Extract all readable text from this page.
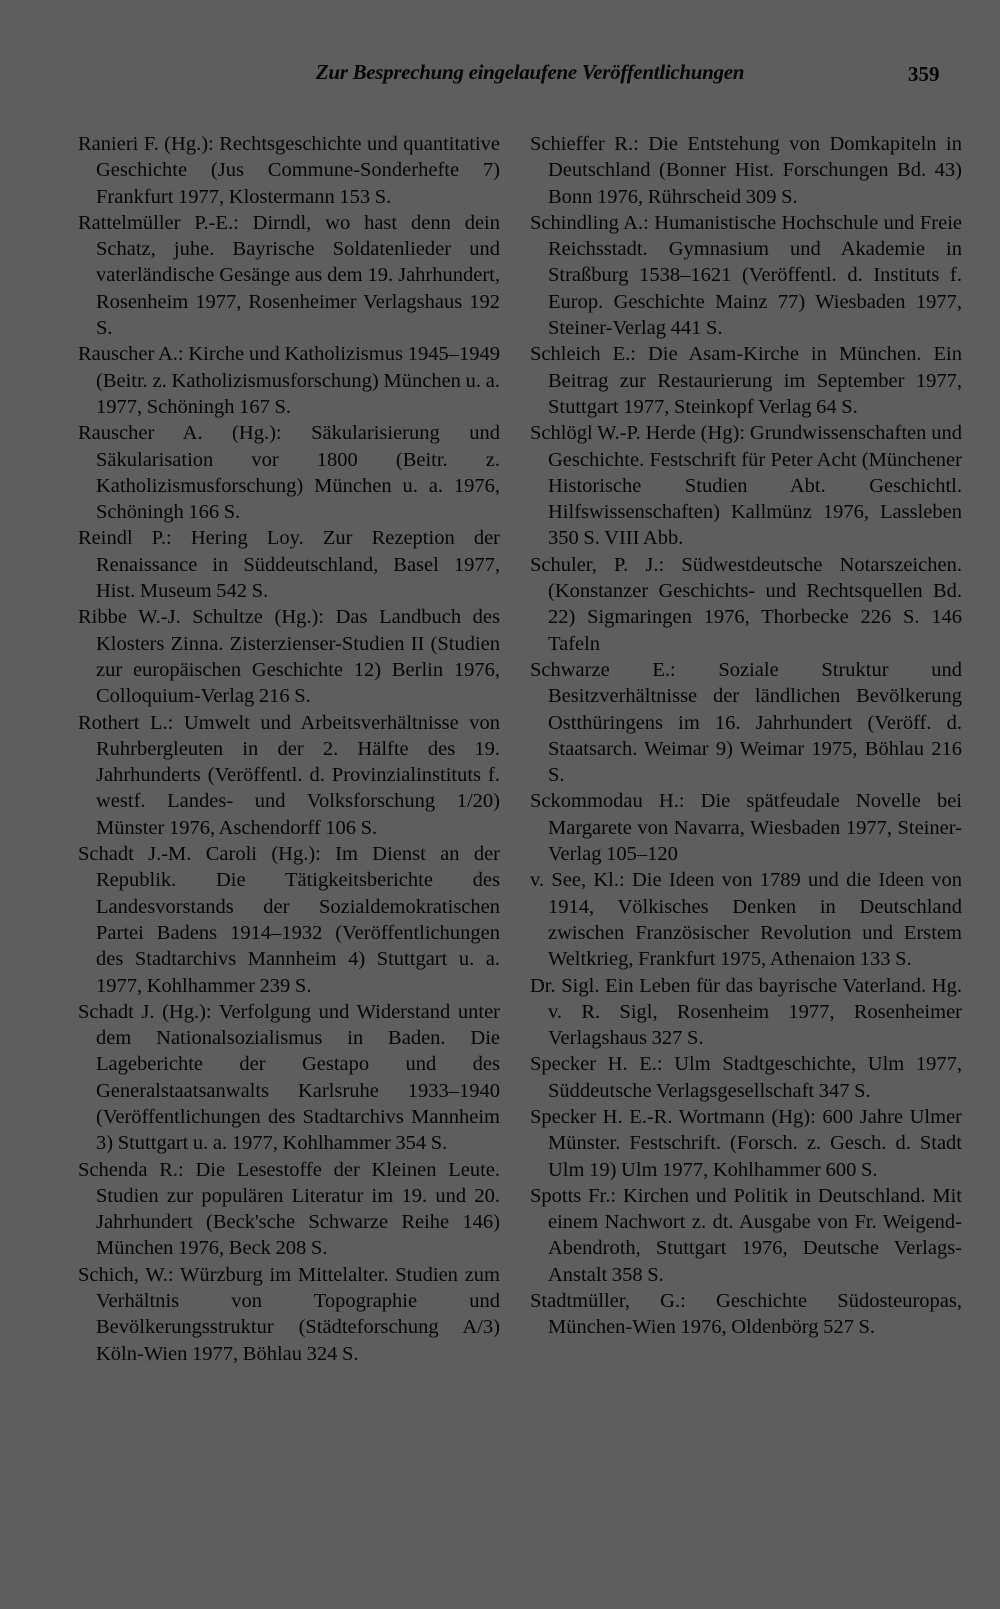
Zur Besprechung eingelaufene Veröffentlichungen	359
Ranieri F. (Hg.): Rechtsgeschichte und quantitative Geschichte (Jus Commune-Sonderhefte 7) Frankfurt 1977, Klostermann 153 S.
Rattelmüller P.-E.: Dirndl, wo hast denn dein Schatz, juhe. Bayrische Soldatenlieder und vaterländische Gesänge aus dem 19. Jahrhundert, Rosenheim 1977, Rosenheimer Verlagshaus 192 S.
Rauscher A.: Kirche und Katholizismus 1945–1949 (Beitr. z. Katholizismusforschung) München u. a. 1977, Schöningh 167 S.
Rauscher A. (Hg.): Säkularisierung und Säkularisation vor 1800 (Beitr. z. Katholizismusforschung) München u. a. 1976, Schöningh 166 S.
Reindl P.: Hering Loy. Zur Rezeption der Renaissance in Süddeutschland, Basel 1977, Hist. Museum 542 S.
Ribbe W.-J. Schultze (Hg.): Das Landbuch des Klosters Zinna. Zisterzienser-Studien II (Studien zur europäischen Geschichte 12) Berlin 1976, Colloquium-Verlag 216 S.
Rothert L.: Umwelt und Arbeitsverhältnisse von Ruhrbergleuten in der 2. Hälfte des 19. Jahrhunderts (Veröffentl. d. Provinzialinstituts f. westf. Landes- und Volksforschung 1/20) Münster 1976, Aschendorff 106 S.
Schadt J.-M. Caroli (Hg.): Im Dienst an der Republik. Die Tätigkeitsberichte des Landesvorstands der Sozialdemokratischen Partei Badens 1914–1932 (Veröffentlichungen des Stadtarchivs Mannheim 4) Stuttgart u. a. 1977, Kohlhammer 239 S.
Schadt J. (Hg.): Verfolgung und Widerstand unter dem Nationalsozialismus in Baden. Die Lageberichte der Gestapo und des Generalstaatsanwalts Karlsruhe 1933–1940 (Veröffentlichungen des Stadtarchivs Mannheim 3) Stuttgart u. a. 1977, Kohlhammer 354 S.
Schenda R.: Die Lesestoffe der Kleinen Leute. Studien zur populären Literatur im 19. und 20. Jahrhundert (Beck'sche Schwarze Reihe 146) München 1976, Beck 208 S.
Schich, W.: Würzburg im Mittelalter. Studien zum Verhältnis von Topographie und Bevölkerungsstruktur (Städteforschung A/3) Köln-Wien 1977, Böhlau 324 S.
Schieffer R.: Die Entstehung von Domkapiteln in Deutschland (Bonner Hist. Forschungen Bd. 43) Bonn 1976, Rührscheid 309 S.
Schindling A.: Humanistische Hochschule und Freie Reichsstadt. Gymnasium und Akademie in Straßburg 1538–1621 (Veröffentl. d. Instituts f. Europ. Geschichte Mainz 77) Wiesbaden 1977, Steiner-Verlag 441 S.
Schleich E.: Die Asam-Kirche in München. Ein Beitrag zur Restaurierung im September 1977, Stuttgart 1977, Steinkopf Verlag 64 S.
Schlögl W.-P. Herde (Hg): Grundwissenschaften und Geschichte. Festschrift für Peter Acht (Münchener Historische Studien Abt. Geschichtl. Hilfswissenschaften) Kallmünz 1976, Lassleben 350 S. VIII Abb.
Schuler, P. J.: Südwestdeutsche Notarszeichen. (Konstanzer Geschichts- und Rechtsquellen Bd. 22) Sigmaringen 1976, Thorbecke 226 S. 146 Tafeln
Schwarze E.: Soziale Struktur und Besitzverhältnisse der ländlichen Bevölkerung Ostthüringens im 16. Jahrhundert (Veröff. d. Staatsarch. Weimar 9) Weimar 1975, Böhlau 216 S.
Sckommodau H.: Die spätfeudale Novelle bei Margarete von Navarra, Wiesbaden 1977, Steiner-Verlag 105–120
v. See, Kl.: Die Ideen von 1789 und die Ideen von 1914, Völkisches Denken in Deutschland zwischen Französischer Revolution und Erstem Weltkrieg, Frankfurt 1975, Athenaion 133 S.
Dr. Sigl. Ein Leben für das bayrische Vaterland. Hg. v. R. Sigl, Rosenheim 1977, Rosenheimer Verlagshaus 327 S.
Specker H. E.: Ulm Stadtgeschichte, Ulm 1977, Süddeutsche Verlagsgesellschaft 347 S.
Specker H. E.-R. Wortmann (Hg): 600 Jahre Ulmer Münster. Festschrift. (Forsch. z. Gesch. d. Stadt Ulm 19) Ulm 1977, Kohlhammer 600 S.
Spotts Fr.: Kirchen und Politik in Deutschland. Mit einem Nachwort z. dt. Ausgabe von Fr. Weigend-Abendroth, Stuttgart 1976, Deutsche Verlags-Anstalt 358 S.
Stadtmüller, G.: Geschichte Südosteuropas, München-Wien 1976, Oldenbörg 527 S.
